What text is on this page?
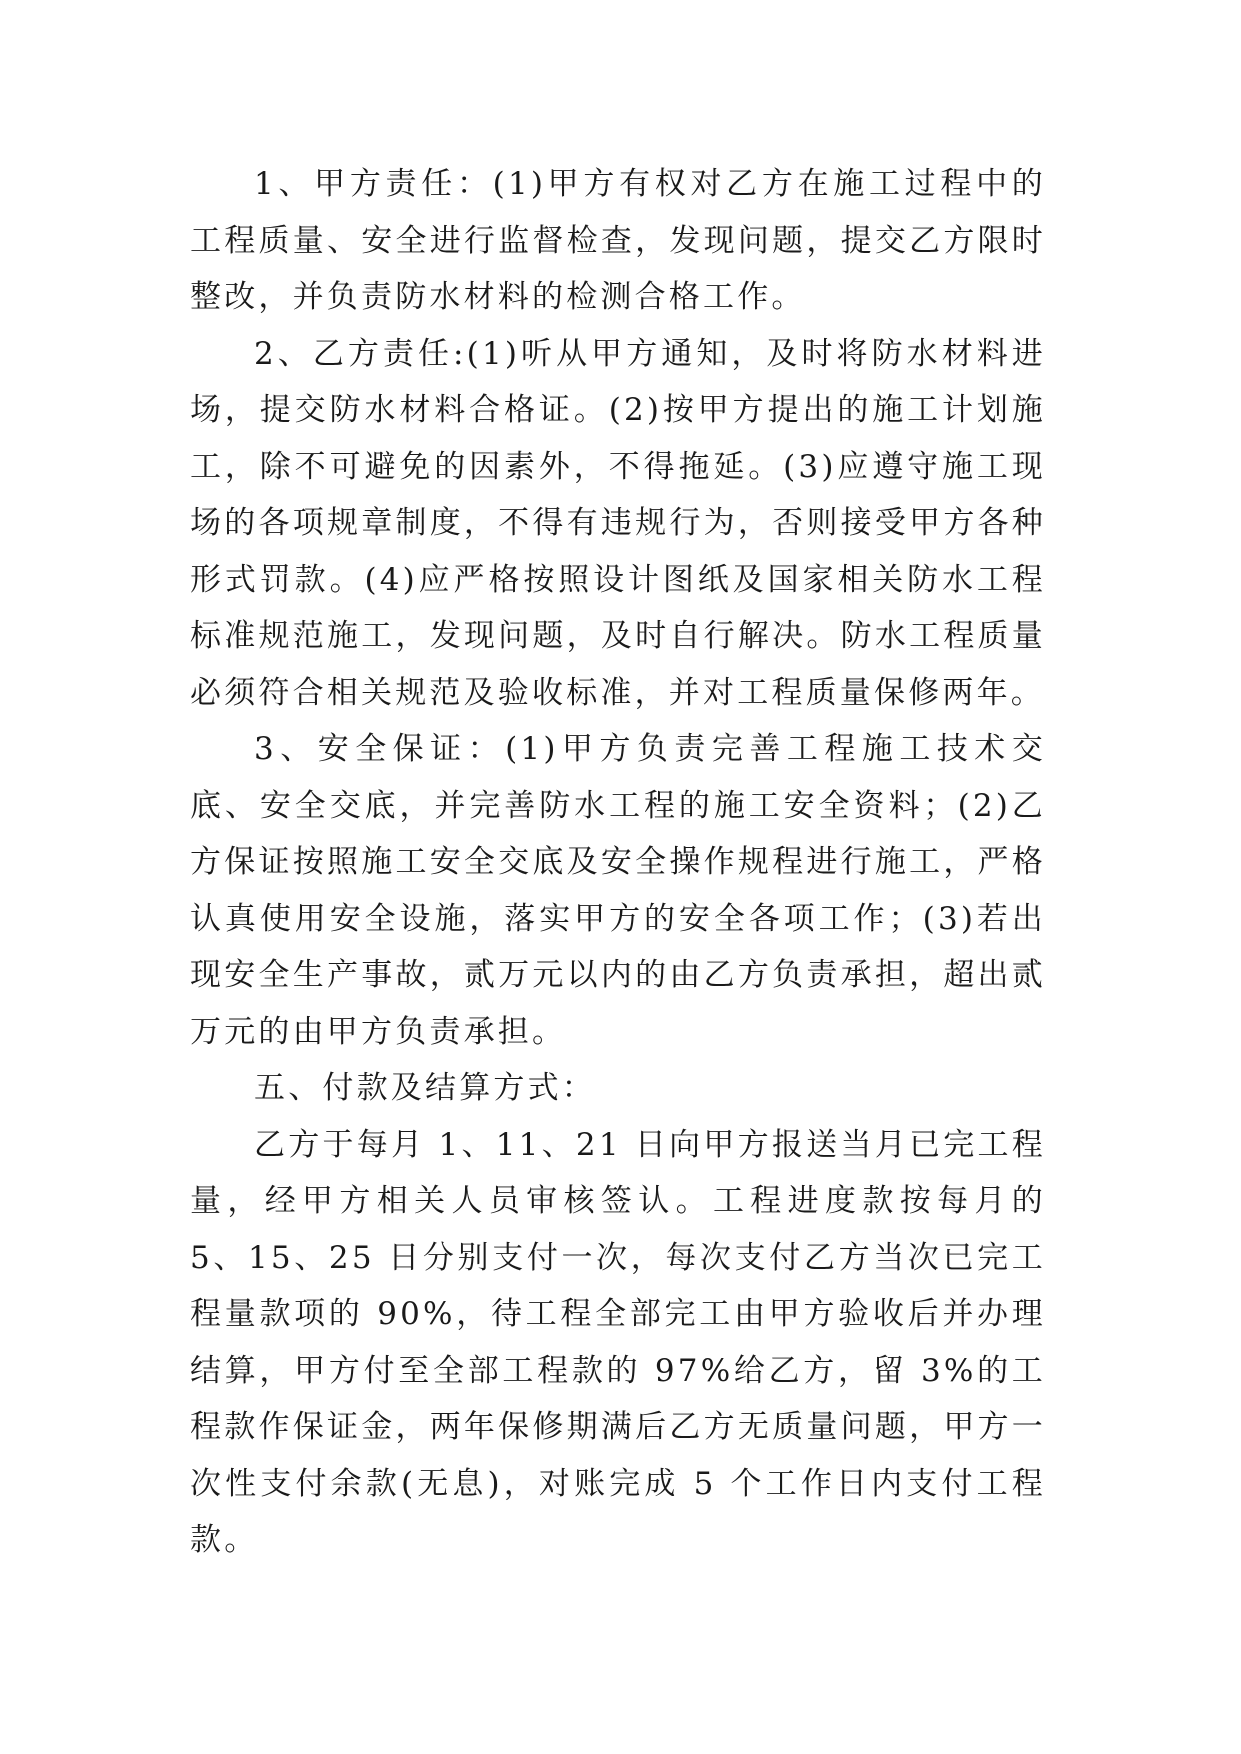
1、甲方责任：(1)甲方有权对乙方在施工过程中的工程质量、安全进行监督检查，发现问题，提交乙方限时整改，并负责防水材料的检测合格工作。

2、乙方责任:(1)听从甲方通知，及时将防水材料进场，提交防水材料合格证。(2)按甲方提出的施工计划施工，除不可避免的因素外，不得拖延。(3)应遵守施工现场的各项规章制度，不得有违规行为，否则接受甲方各种形式罚款。(4)应严格按照设计图纸及国家相关防水工程标准规范施工，发现问题，及时自行解决。防水工程质量必须符合相关规范及验收标准，并对工程质量保修两年。

3、安全保证：(1)甲方负责完善工程施工技术交底、安全交底，并完善防水工程的施工安全资料；(2)乙方保证按照施工安全交底及安全操作规程进行施工，严格认真使用安全设施，落实甲方的安全各项工作；(3)若出现安全生产事故，贰万元以内的由乙方负责承担，超出贰万元的由甲方负责承担。

五、付款及结算方式：

乙方于每月 1、11、21 日向甲方报送当月已完工程量，经甲方相关人员审核签认。工程进度款按每月的 5、15、25 日分别支付一次，每次支付乙方当次已完工程量款项的 90%，待工程全部完工由甲方验收后并办理结算，甲方付至全部工程款的 97%给乙方，留 3%的工程款作保证金，两年保修期满后乙方无质量问题，甲方一次性支付余款(无息)，对账完成 5 个工作日内支付工程款。
